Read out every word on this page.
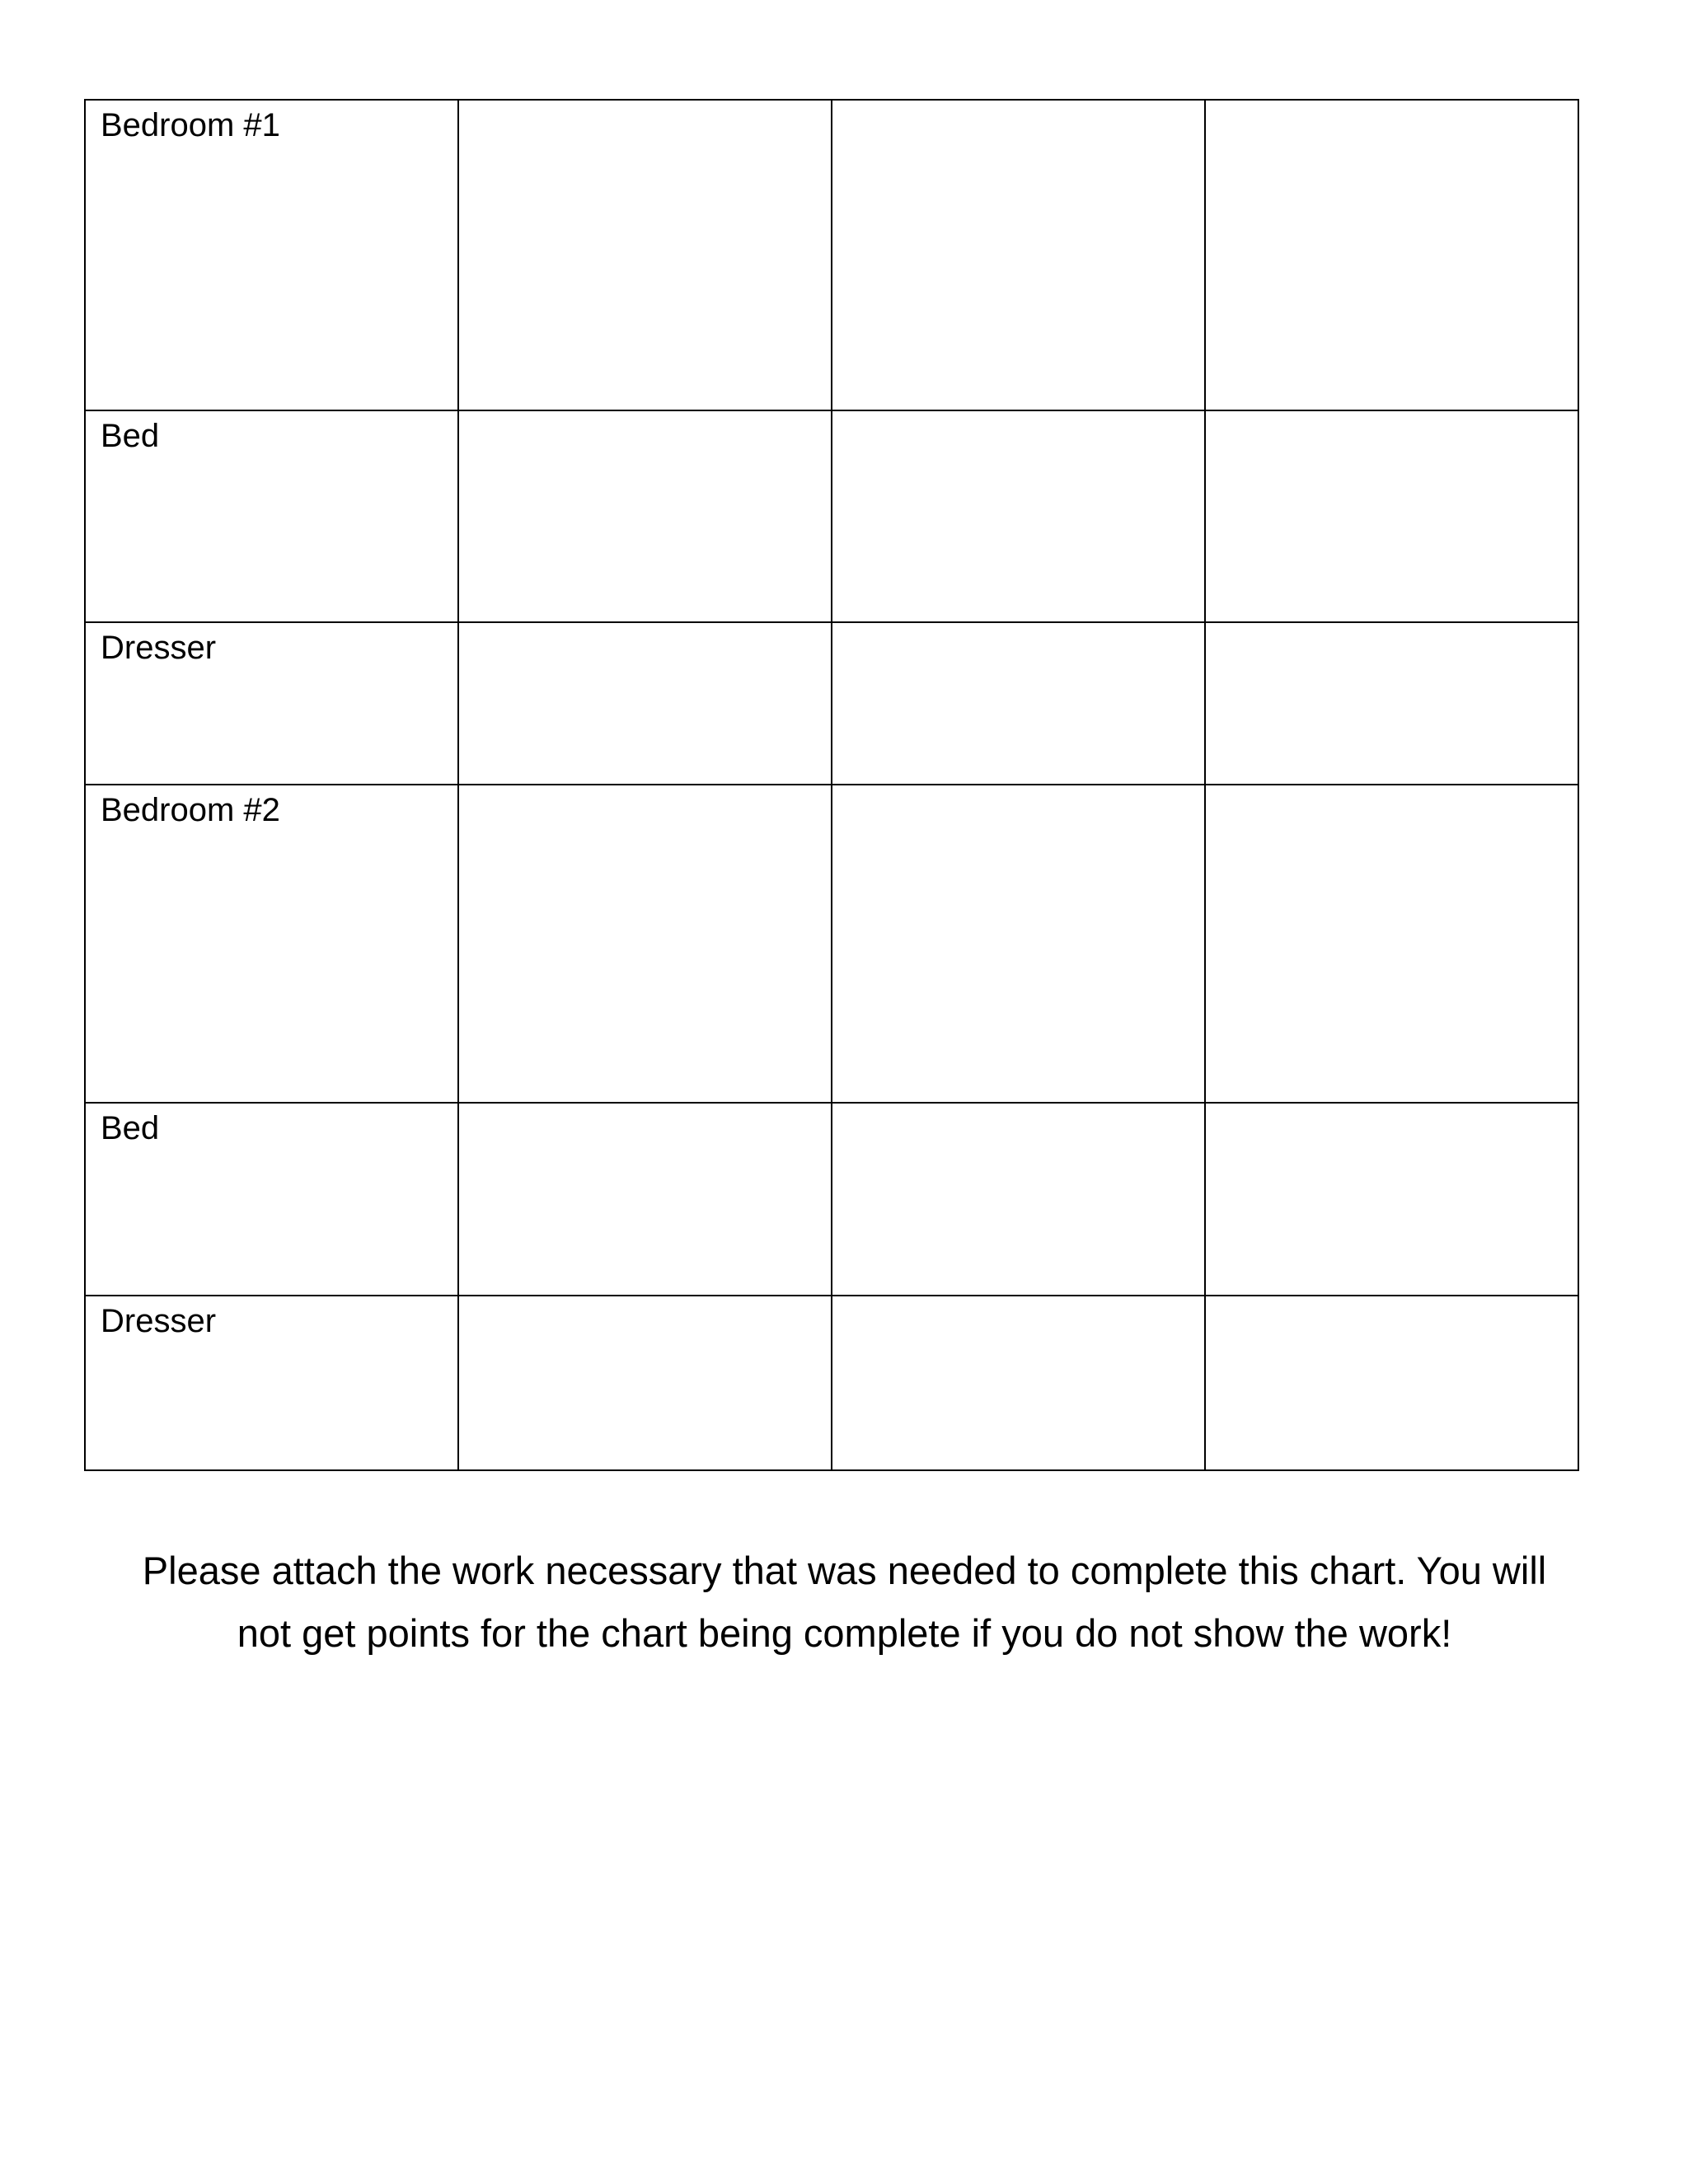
Bedroom #1			
Bed			
Dresser			
Bedroom #2			
Bed			
Dresser			

Please attach the work necessary that was needed to complete this chart. You will
not get points for the chart being complete if you do not show the work!
